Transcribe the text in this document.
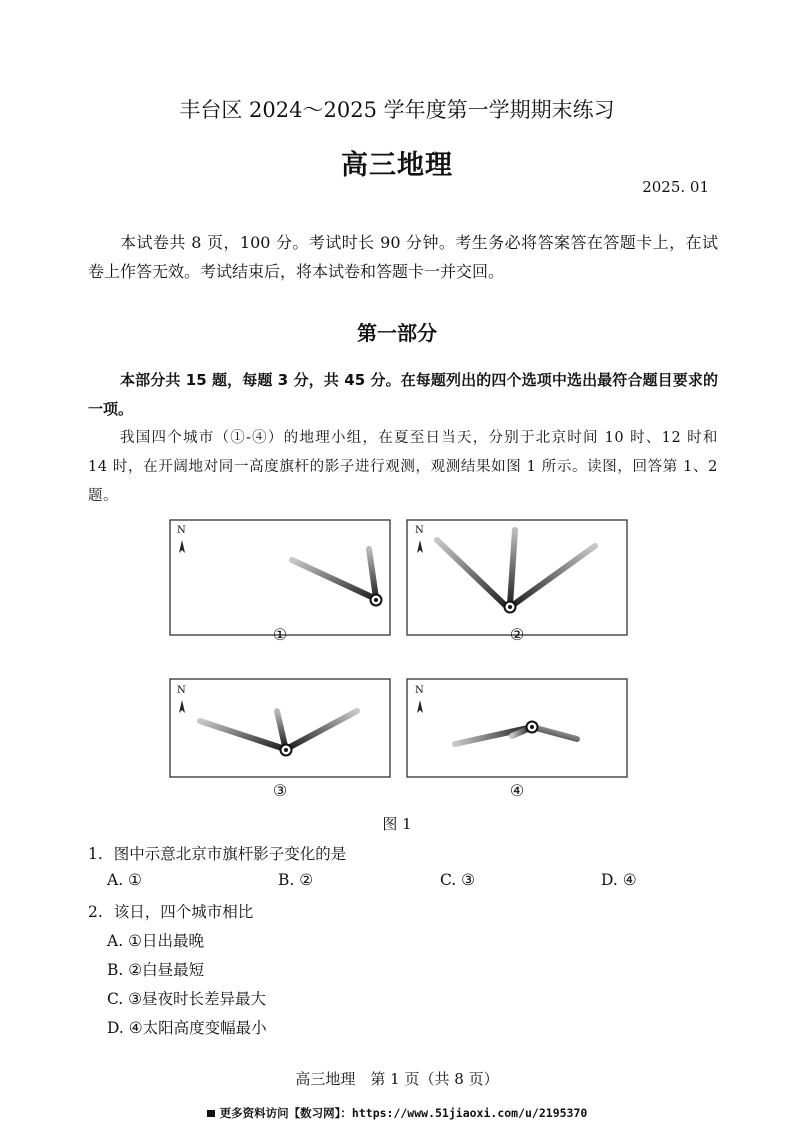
丰台区 2024～2025 学年度第一学期期末练习
高三地理
2025. 01
本试卷共 8 页，100 分。考试时长 90 分钟。考生务必将答案答在答题卡上，在试卷上作答无效。考试结束后，将本试卷和答题卡一并交回。
第一部分
本部分共 15 题，每题 3 分，共 45 分。在每题列出的四个选项中选出最符合题目要求的一项。
我国四个城市（①-④）的地理小组，在夏至日当天，分别于北京时间 10 时、12 时和 14 时，在开阔地对同一高度旗杆的影子进行观测，观测结果如图 1 所示。读图，回答第 1、2 题。
N	N
N	N
①	②
③	④
图 1
1. 图中示意北京市旗杆影子变化的是
A. ①	B. ②	C. ③	D. ④
2. 该日，四个城市相比
A. ①日出最晚
B. ②白昼最短
C. ③昼夜时长差异最大
D. ④太阳高度变幅最小
高三地理　第 1 页（共 8 页）
更多资料访问【数习网】：https://www.51jiaoxi.com/u/2195370
